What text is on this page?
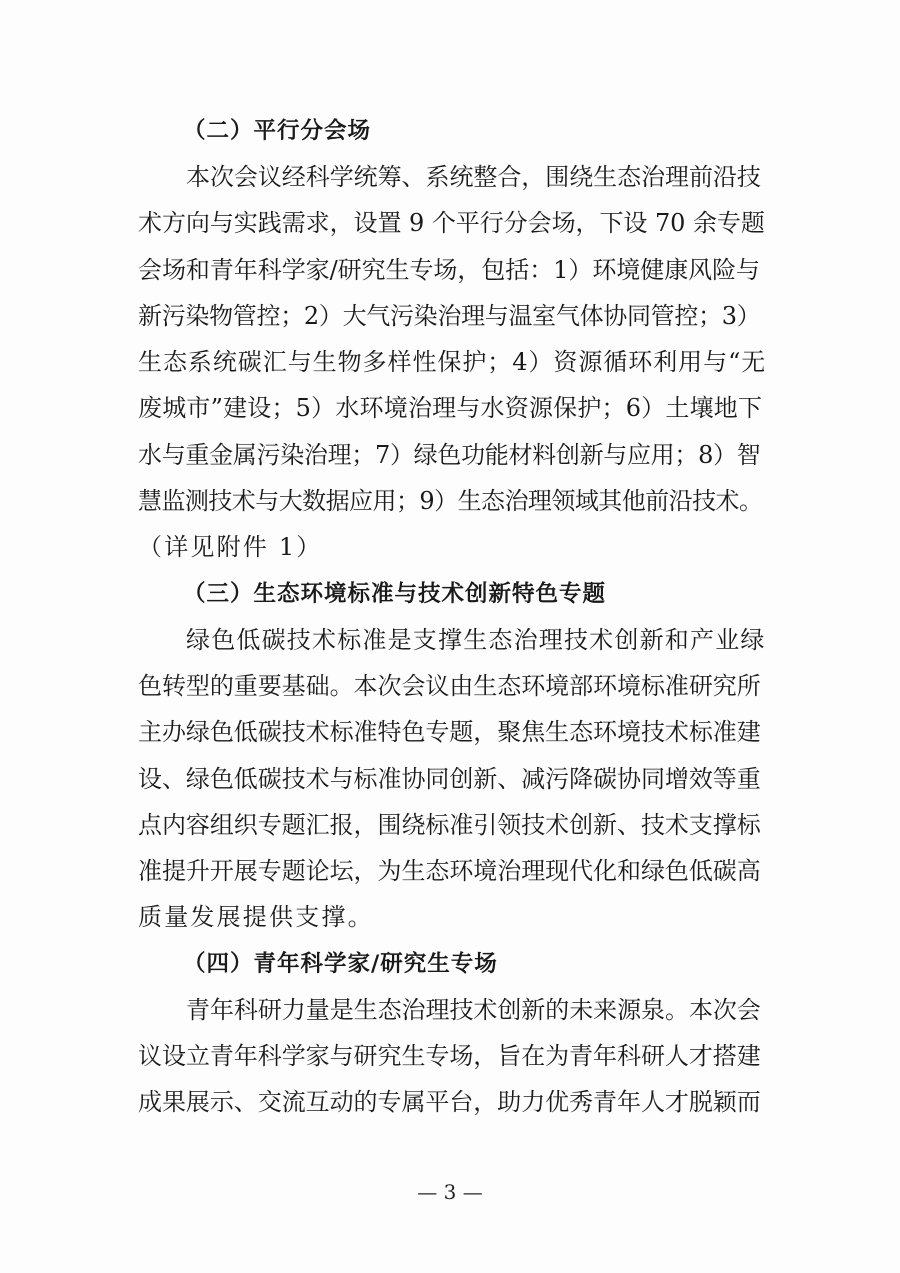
（二）平行分会场

本次会议经科学统筹、系统整合，围绕生态治理前沿技

术方向与实践需求，设置 9 个平行分会场，下设 70 余专题

会场和青年科学家/研究生专场，包括：1）环境健康风险与

新污染物管控；2）大气污染治理与温室气体协同管控；3）

生态系统碳汇与生物多样性保护；4）资源循环利用与“无

废城市”建设；5）水环境治理与水资源保护；6）土壤地下

水与重金属污染治理；7）绿色功能材料创新与应用；8）智

慧监测技术与大数据应用；9）生态治理领域其他前沿技术。

（详见附件 1）

（三）生态环境标准与技术创新特色专题

绿色低碳技术标准是支撑生态治理技术创新和产业绿

色转型的重要基础。本次会议由生态环境部环境标准研究所

主办绿色低碳技术标准特色专题，聚焦生态环境技术标准建

设、绿色低碳技术与标准协同创新、减污降碳协同增效等重

点内容组织专题汇报，围绕标准引领技术创新、技术支撑标

准提升开展专题论坛，为生态环境治理现代化和绿色低碳高

质量发展提供支撑。

（四）青年科学家/研究生专场

青年科研力量是生态治理技术创新的未来源泉。本次会

议设立青年科学家与研究生专场，旨在为青年科研人才搭建

成果展示、交流互动的专属平台，助力优秀青年人才脱颖而

— 3 —
